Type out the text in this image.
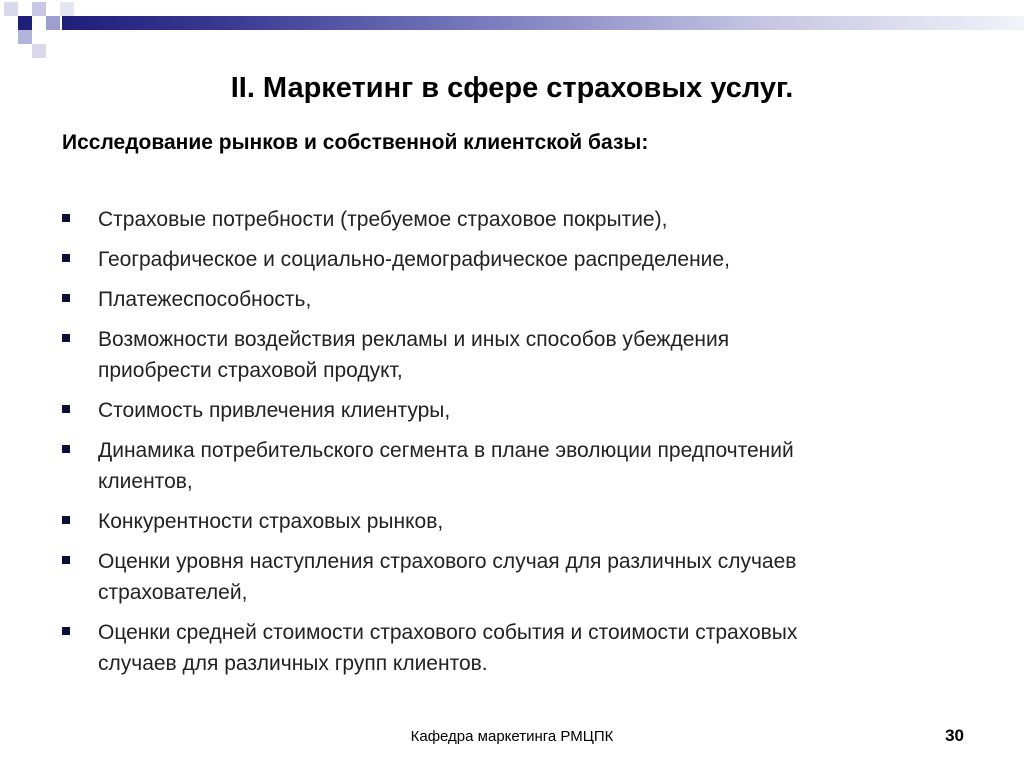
II. Маркетинг в сфере страховых услуг.
Исследование рынков и собственной клиентской базы:
Страховые потребности (требуемое страховое покрытие),
Географическое и социально-демографическое распределение,
Платежеспособность,
Возможности воздействия рекламы и иных способов убеждения
приобрести страховой продукт,
Стоимость привлечения клиентуры,
Динамика потребительского сегмента в плане эволюции предпочтений
клиентов,
Конкурентности страховых рынков,
Оценки уровня наступления страхового случая для различных случаев
страхователей,
Оценки средней стоимости страхового события и стоимости страховых
случаев для различных групп клиентов.
Кафедра маркетинга РМЦПК	30
